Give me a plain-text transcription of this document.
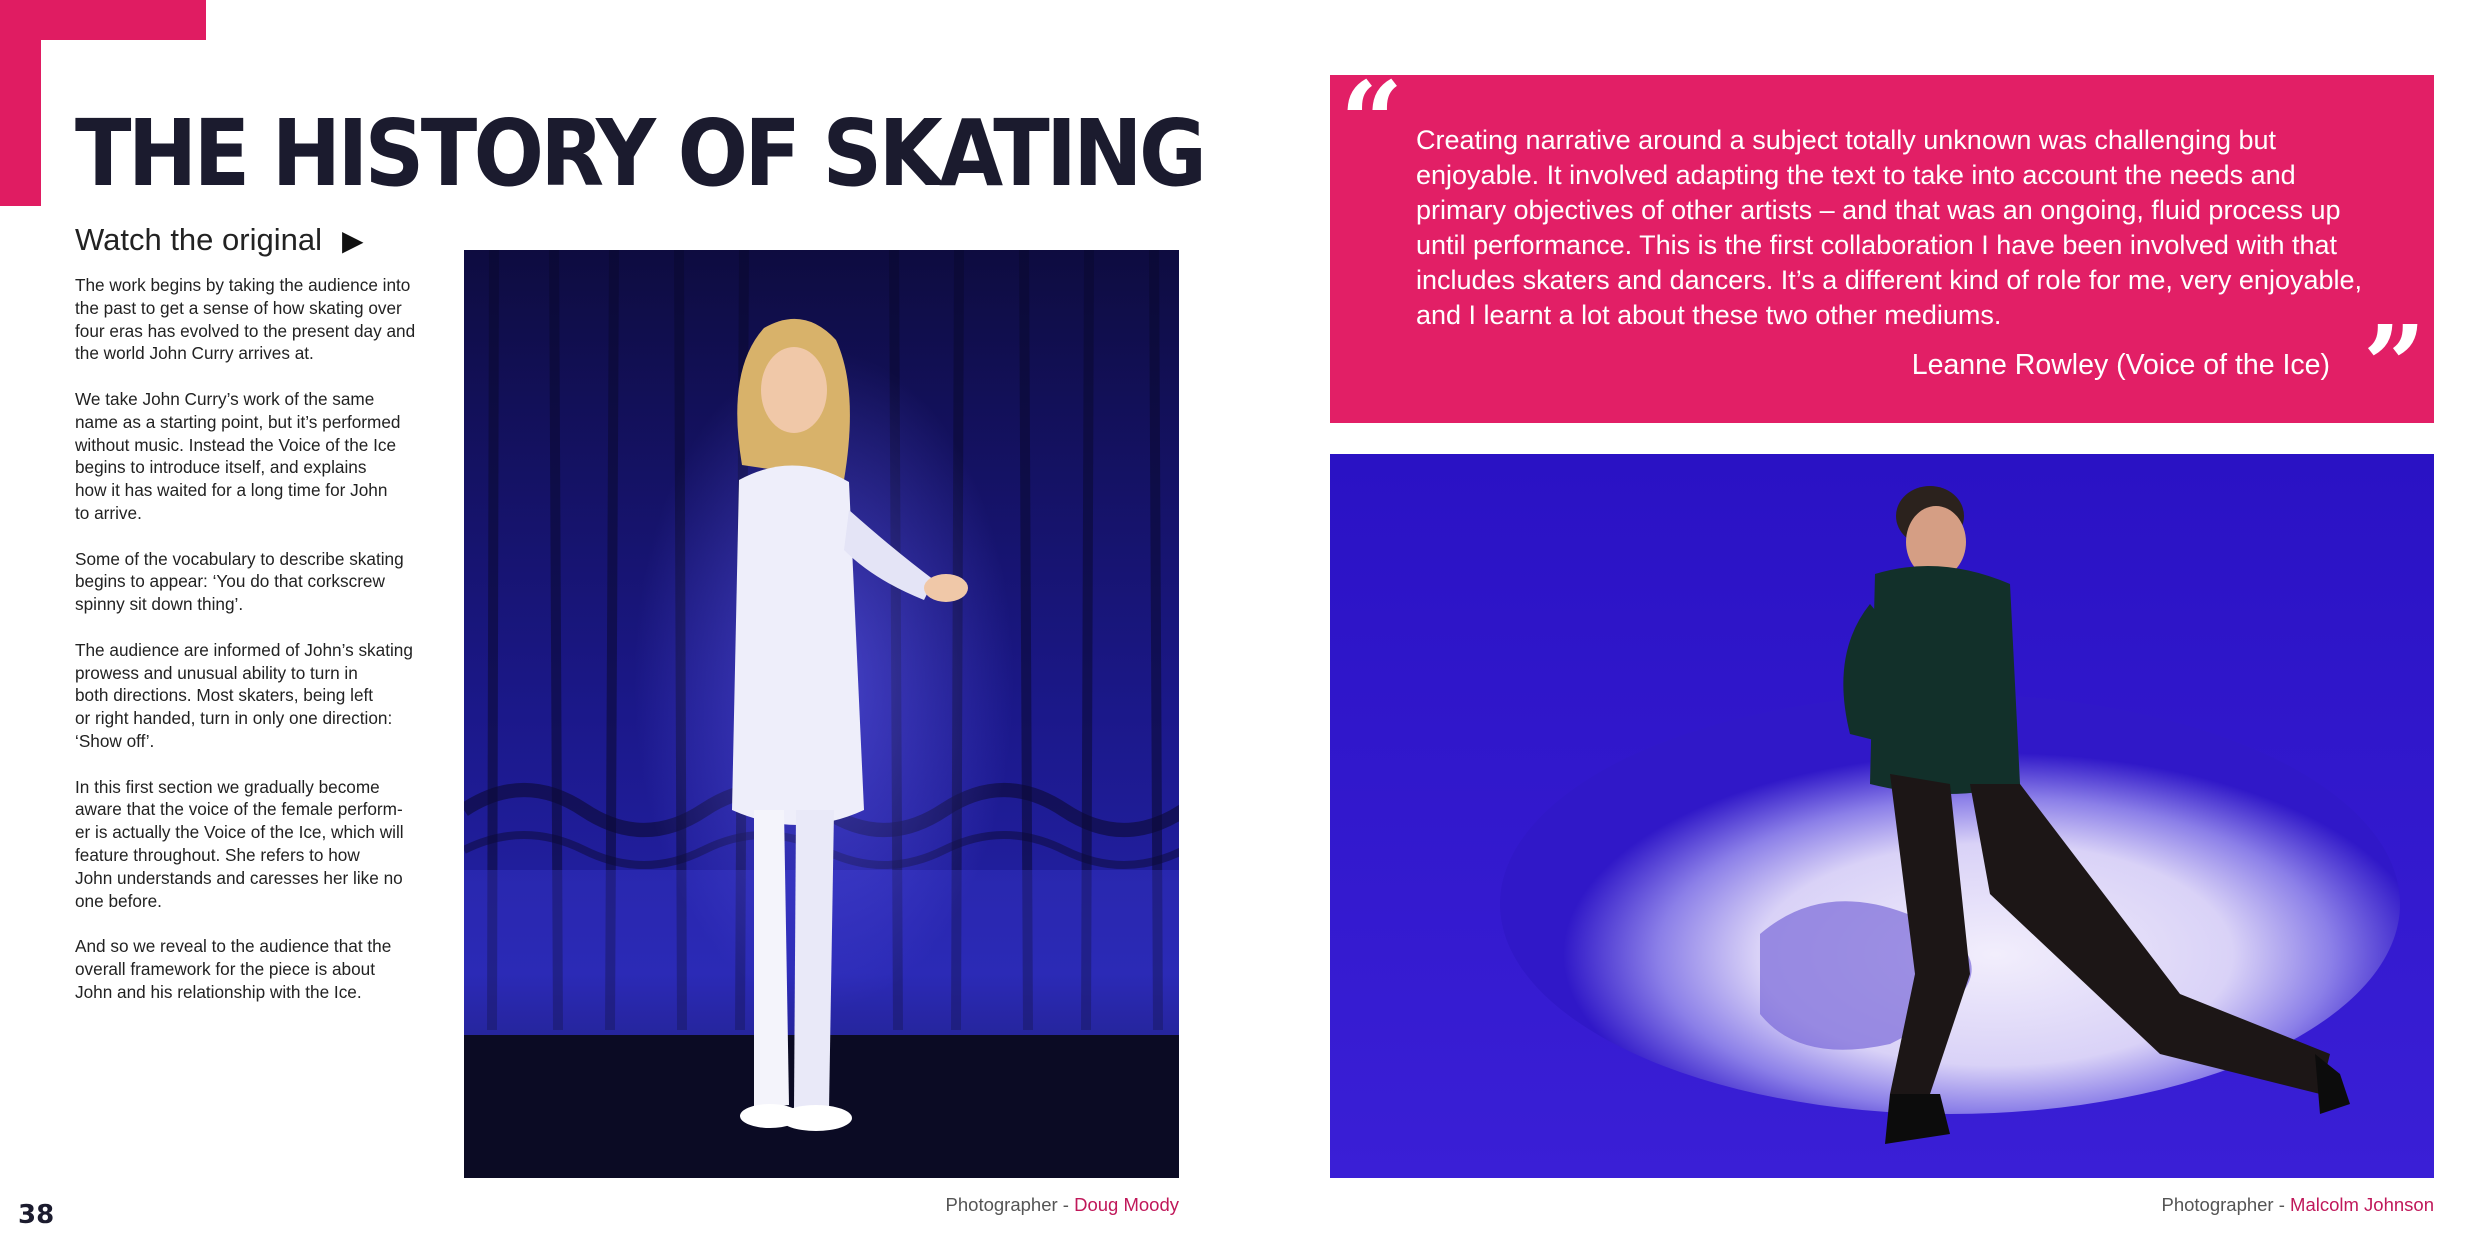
THE HISTORY OF SKATING
Watch the original ▶

The work begins by taking the audience into
the past to get a sense of how skating over
four eras has evolved to the present day and
the world John Curry arrives at.

We take John Curry’s work of the same
name as a starting point, but it’s performed
without music. Instead the Voice of the Ice
begins to introduce itself, and explains
how it has waited for a long time for John
to arrive.

Some of the vocabulary to describe skating
begins to appear: ‘You do that corkscrew
spinny sit down thing’.

The audience are informed of John’s skating
prowess and unusual ability to turn in
both directions. Most skaters, being left
or right handed, turn in only one direction:
‘Show off’.

In this first section we gradually become
aware that the voice of the female perform-
er is actually the Voice of the Ice, which will
feature throughout. She refers to how
John understands and caresses her like no
one before.

And so we reveal to the audience that the
overall framework for the piece is about
John and his relationship with the Ice.

Photographer - Doug Moody
“ Creating narrative around a subject totally unknown was challenging but enjoyable. It involved adapting the text to take into account the needs and primary objectives of other artists – and that was an ongoing, fluid process up until performance. This is the first collaboration I have been involved with that includes skaters and dancers. It’s a different kind of role for me, very enjoyable, and I learnt a lot about these two other mediums.

Leanne Rowley (Voice of the Ice) ”
Photographer - Malcolm Johnson
38
